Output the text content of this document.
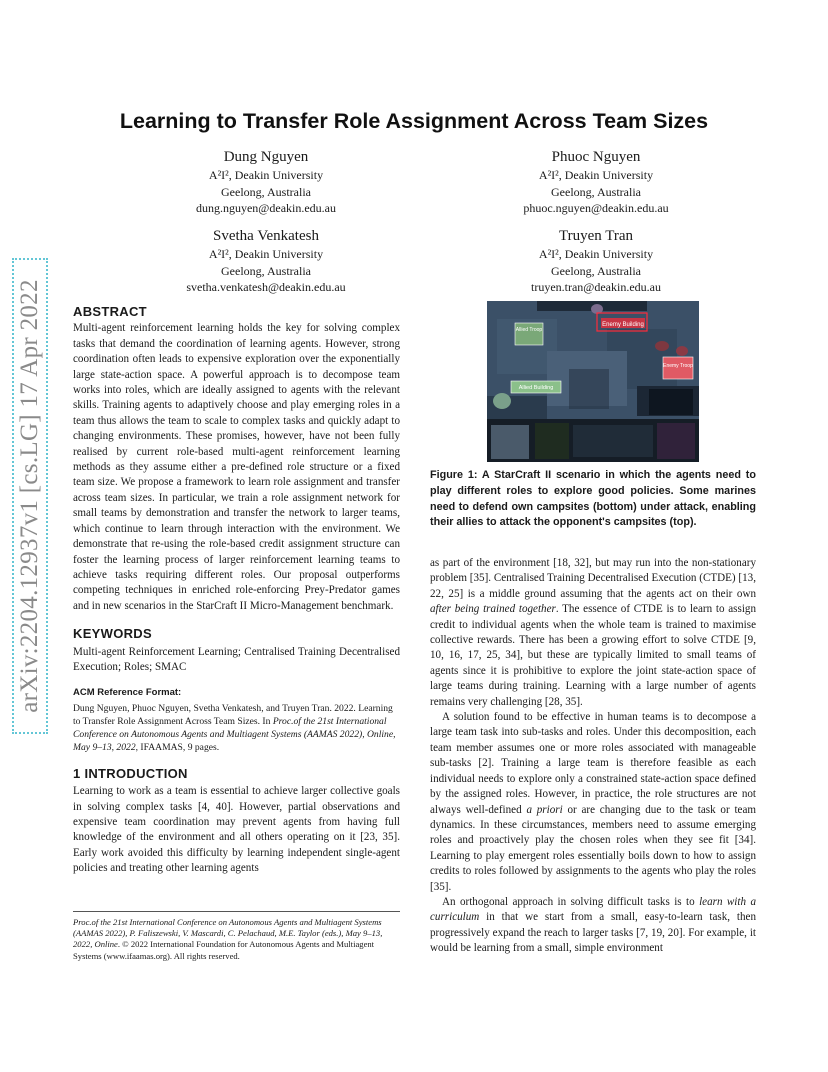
arXiv:2204.12937v1 [cs.LG] 17 Apr 2022
Learning to Transfer Role Assignment Across Team Sizes
Dung Nguyen
A²I², Deakin University
Geelong, Australia
dung.nguyen@deakin.edu.au
Phuoc Nguyen
A²I², Deakin University
Geelong, Australia
phuoc.nguyen@deakin.edu.au
Svetha Venkatesh
A²I², Deakin University
Geelong, Australia
svetha.venkatesh@deakin.edu.au
Truyen Tran
A²I², Deakin University
Geelong, Australia
truyen.tran@deakin.edu.au
ABSTRACT

Multi-agent reinforcement learning holds the key for solving complex tasks that demand the coordination of learning agents. However, strong coordination often leads to expensive exploration over the exponentially large state-action space. A powerful approach is to decompose team works into roles, which are ideally assigned to agents with the relevant skills. Training agents to adaptively choose and play emerging roles in a team thus allows the team to scale to complex tasks and quickly adapt to changing environments. These promises, however, have not been fully realised by current role-based multi-agent reinforcement learning methods as they assume either a pre-defined role structure or a fixed team size. We propose a framework to learn role assignment and transfer across team sizes. In particular, we train a role assignment network for small teams by demonstration and transfer the network to larger teams, which continue to learn through interaction with the environment. We demonstrate that re-using the role-based credit assignment structure can foster the learning process of larger reinforcement learning teams to achieve tasks requiring different roles. Our proposal outperforms competing techniques in enriched role-enforcing Prey-Predator games and in new scenarios in the StarCraft II Micro-Management benchmark.

KEYWORDS

Multi-agent Reinforcement Learning; Centralised Training Decentralised Execution; Roles; SMAC

ACM Reference Format:
Dung Nguyen, Phuoc Nguyen, Svetha Venkatesh, and Truyen Tran. 2022. Learning to Transfer Role Assignment Across Team Sizes. In Proc.of the 21st International Conference on Autonomous Agents and Multiagent Systems (AAMAS 2022), Online, May 9–13, 2022, IFAAMAS, 9 pages.
1 INTRODUCTION

Learning to work as a team is essential to achieve larger collective goals in solving complex tasks [4, 40]. However, partial observations and expensive team coordination may prevent agents from having full knowledge of the environment and all others operating on it [23, 35]. Early work avoided this difficulty by learning independent single-agent policies and treating other learning agents

Proc.of the 21st International Conference on Autonomous Agents and Multiagent Systems (AAMAS 2022), P. Faliszewski, V. Mascardi, C. Pelachaud, M.E. Taylor (eds.), May 9–13, 2022, Online. © 2022 International Foundation for Autonomous Agents and Multiagent Systems (www.ifaamas.org). All rights reserved.
Enemy Building
Allied Troop
Enemy Troop
Allied Building
Figure 1: A StarCraft II scenario in which the agents need to play different roles to explore good policies. Some marines need to defend own campsites (bottom) under attack, enabling their allies to attack the opponent's campsites (top).

as part of the environment [18, 32], but may run into the non-stationary problem [35]. Centralised Training Decentralised Execution (CTDE) [13, 22, 25] is a middle ground assuming that the agents act on their own after being trained together. The essence of CTDE is to learn to assign credit to individual agents when the whole team is trained to maximise collective rewards. There has been a growing effort to solve CTDE [9, 10, 16, 17, 25, 34], but these are typically limited to small teams of agents since it is prohibitive to explore the joint state-action space of large teams during training. Learning with a large number of agents remains very challenging [28, 35].

A solution found to be effective in human teams is to decompose a large team task into sub-tasks and roles. Under this decomposition, each team member assumes one or more roles associated with manageable sub-tasks [2]. Training a large team is therefore feasible as each individual needs to explore only a constrained state-action space defined by the assigned roles. However, in practice, the role structures are not always well-defined a priori or are changing due to the task or team dynamics. In these circumstances, members need to assume emerging roles and proactively play the chosen roles when they see fit [34]. Learning to play emergent roles essentially boils down to how to assign credits to roles followed by assignments to the agents who play the roles [35].

An orthogonal approach in solving difficult tasks is to learn with a curriculum in that we start from a small, easy-to-learn task, then progressively expand the reach to larger tasks [7, 19, 20]. For example, it would be learning from a small, simple environment
